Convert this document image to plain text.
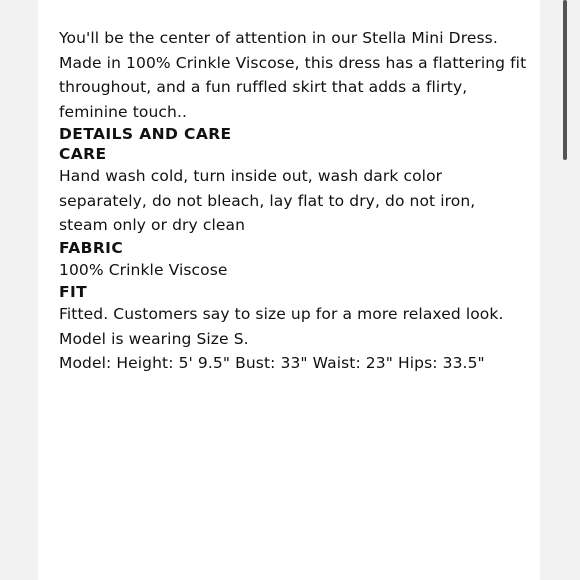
You'll be the center of attention in our Stella Mini Dress. Made in 100% Crinkle Viscose, this dress has a flattering fit throughout, and a fun ruffled skirt that adds a flirty, feminine touch..

DETAILS AND CARE
CARE

Hand wash cold, turn inside out, wash dark color separately, do not bleach, lay flat to dry, do not iron, steam only or dry clean

FABRIC

100% Crinkle Viscose

FIT

Fitted. Customers say to size up for a more relaxed look.

Model is wearing Size S.

Model: Height: 5' 9.5" Bust: 33" Waist: 23" Hips: 33.5"
